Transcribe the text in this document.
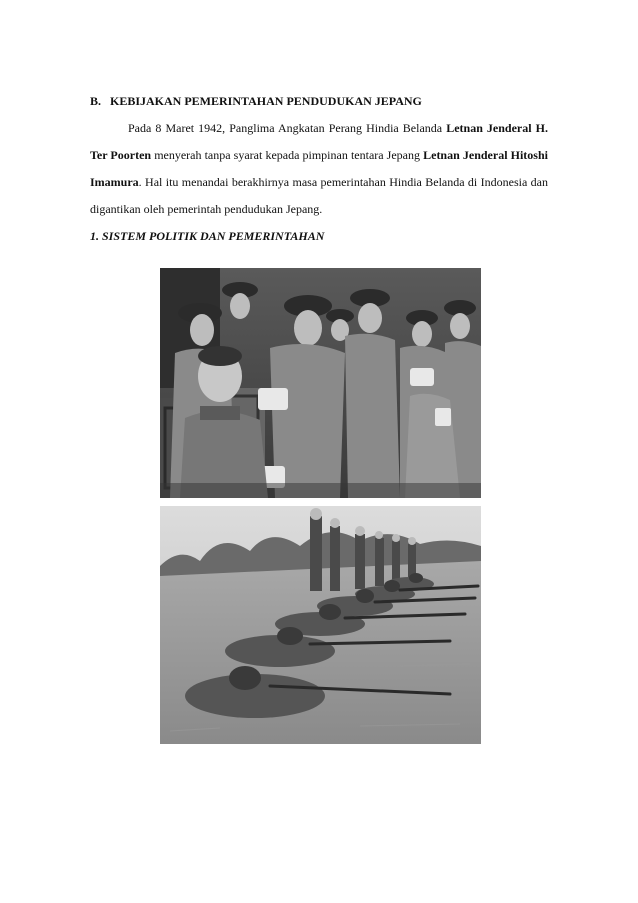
B. KEBIJAKAN PEMERINTAHAN PENDUDUKAN JEPANG

Pada 8 Maret 1942, Panglima Angkatan Perang Hindia Belanda Letnan Jenderal H. Ter Poorten menyerah tanpa syarat kepada pimpinan tentara Jepang Letnan Jenderal Hitoshi Imamura. Hal itu menandai berakhirnya masa pemerintahan Hindia Belanda di Indonesia dan digantikan oleh pemerintah pendudukan Jepang.

1. SISTEM POLITIK DAN PEMERINTAHAN
